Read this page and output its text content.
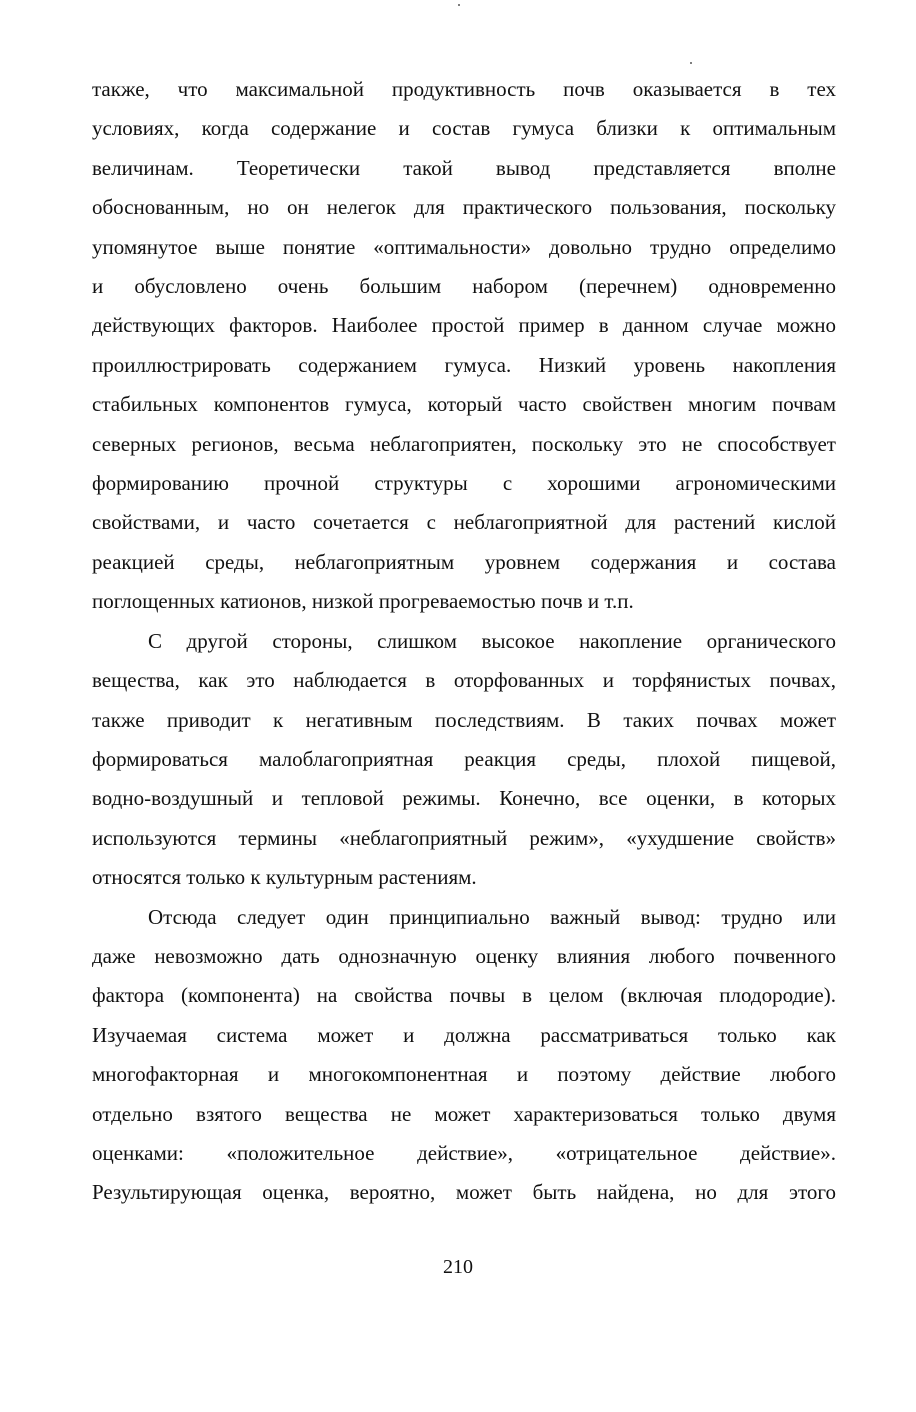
также, что максимальной продуктивность почв оказывается в тех
условиях, когда содержание и состав гумуса близки к оптимальным
величинам. Теоретически такой вывод представляется вполне
обоснованным, но он нелегок для практического пользования, поскольку
упомянутое выше понятие «оптимальности» довольно трудно определимо
и обусловлено очень большим набором (перечнем) одновременно
действующих факторов. Наиболее простой пример в данном случае можно
проиллюстрировать содержанием гумуса. Низкий уровень накопления
стабильных компонентов гумуса, который часто свойствен многим почвам
северных регионов, весьма неблагоприятен, поскольку это не способствует
формированию прочной структуры с хорошими агрономическими
свойствами, и часто сочетается с неблагоприятной для растений кислой
реакцией среды, неблагоприятным уровнем содержания и состава
поглощенных катионов, низкой прогреваемостью почв и т.п.

С другой стороны, слишком высокое накопление органического
вещества, как это наблюдается в оторфованных и торфянистых почвах,
также приводит к негативным последствиям. В таких почвах может
формироваться малоблагоприятная реакция среды, плохой пищевой,
водно-воздушный и тепловой режимы. Конечно, все оценки, в которых
используются термины «неблагоприятный режим», «ухудшение свойств»
относятся только к культурным растениям.

Отсюда следует один принципиально важный вывод: трудно или
даже невозможно дать однозначную оценку влияния любого почвенного
фактора (компонента) на свойства почвы в целом (включая плодородие).
Изучаемая система может и должна рассматриваться только как
многофакторная и многокомпонентная и поэтому действие любого
отдельно взятого вещества не может характеризоваться только двумя
оценками: «положительное действие», «отрицательное действие».
Результирующая оценка, вероятно, может быть найдена, но для этого

210
